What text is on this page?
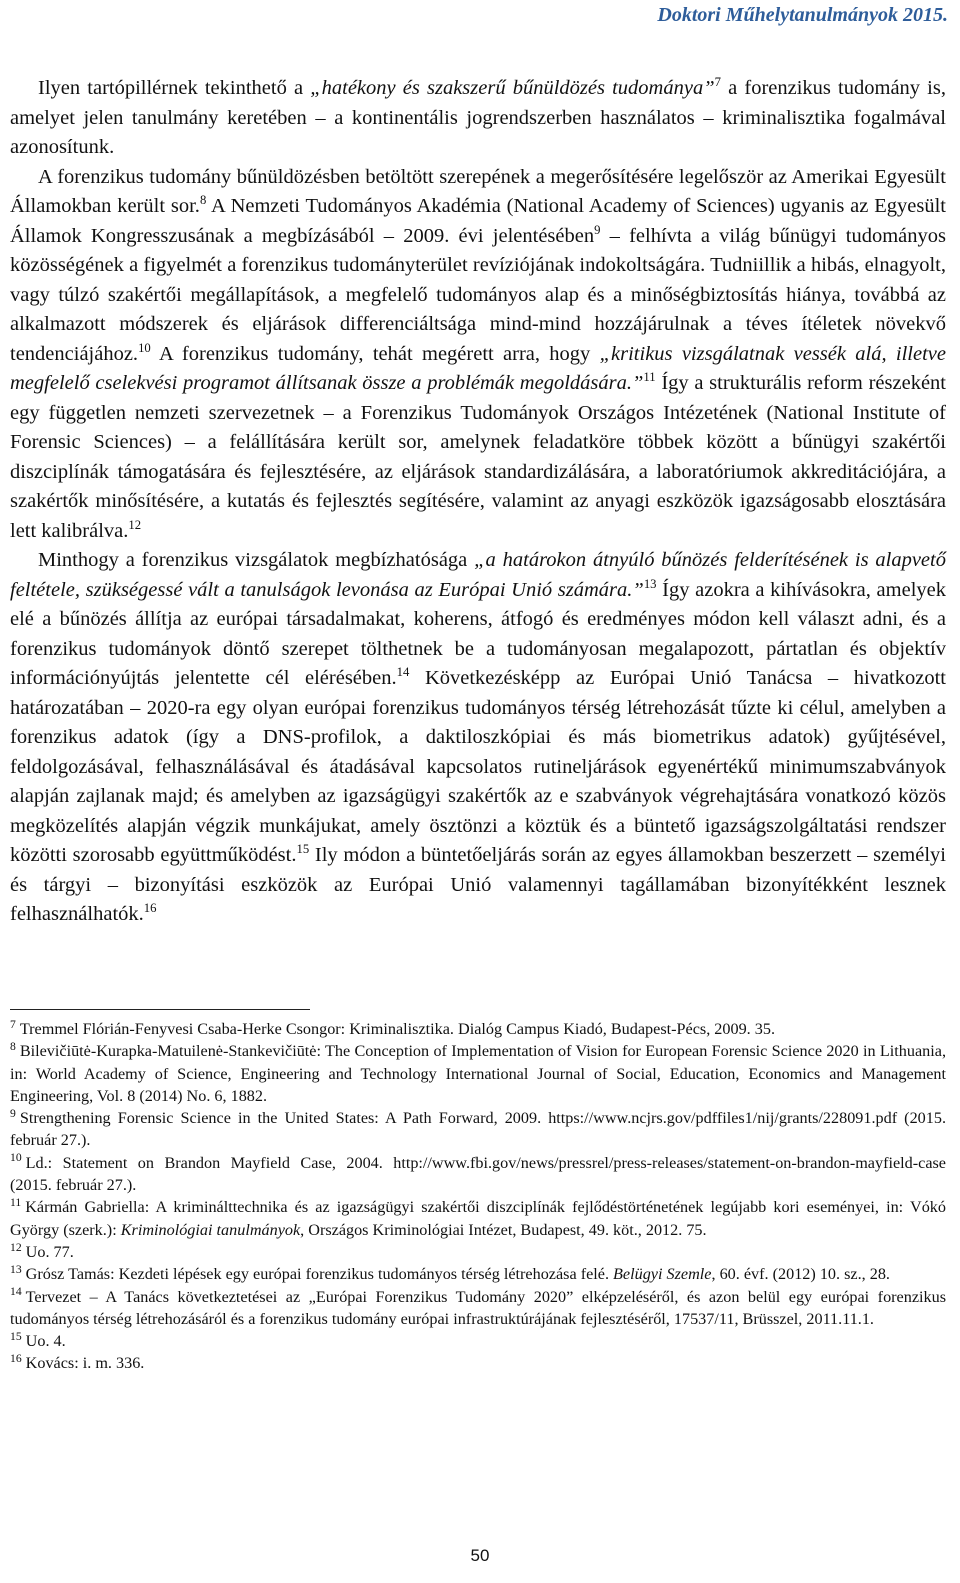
Doktori Műhelytanulmányok 2015.

Ilyen tartópillérnek tekinthető a „hatékony és szakszerű bűnüldözés tudománya”$^7$ a forenzikus tudomány is, amelyet jelen tanulmány keretében – a kontinentális jogrendszerben használatos – kriminalisztika fogalmával azonosítunk.

A forenzikus tudomány bűnüldözésben betöltött szerepének a megerősítésére legelőször az Amerikai Egyesült Államokban került sor.$^8$ A Nemzeti Tudományos Akadémia (National Academy of Sciences) ugyanis az Egyesült Államok Kongresszusának a megbízásából – 2009. évi jelentésében$^9$ – felhívta a világ bűnügyi tudományos közösségének a figyelmét a forenzikus tudományterület revíziójának indokoltságára. Tudniillik a hibás, elnagyolt, vagy túlzó szakértői megállapítások, a megfelelő tudományos alap és a minőségbiztosítás hiánya, továbbá az alkalmazott módszerek és eljárások differenciáltsága mind-mind hozzájárulnak a téves ítéletek növekvő tendenciájához.$^{10}$ A forenzikus tudomány, tehát megérett arra, hogy „kritikus vizsgálatnak vessék alá, illetve megfelelő cselekvési programot állítsanak össze a problémák megoldására.”$^{11}$ Így a strukturális reform részeként egy független nemzeti szervezetnek – a Forenzikus Tudományok Országos Intézetének (National Institute of Forensic Sciences) – a felállítására került sor, amelynek feladatköre többek között a bűnügyi szakértői diszciplínák támogatására és fejlesztésére, az eljárások standardizálására, a laboratóriumok akkreditációjára, a szakértők minősítésére, a kutatás és fejlesztés segítésére, valamint az anyagi eszközök igazságosabb elosztására lett kalibrálva.$^{12}$

Minthogy a forenzikus vizsgálatok megbízhatósága „a határokon átnyúló bűnözés felderítésének is alapvető feltétele, szükségessé vált a tanulságok levonása az Európai Unió számára.”$^{13}$ Így azokra a kihívásokra, amelyek elé a bűnözés állítja az európai társadalmakat, koherens, átfogó és eredményes módon kell választ adni, és a forenzikus tudományok döntő szerepet tölthetnek be a tudományosan megalapozott, pártatlan és objektív információnyújtás jelentette cél elérésében.$^{14}$ Következésképp az Európai Unió Tanácsa – hivatkozott határozatában – 2020-ra egy olyan európai forenzikus tudományos térség létrehozását tűzte ki célul, amelyben a forenzikus adatok (így a DNS-profilok, a daktiloszkópiai és más biometrikus adatok) gyűjtésével, feldolgozásával, felhasználásával és átadásával kapcsolatos rutineljárások egyenértékű minimumszabványok alapján zajlanak majd; és amelyben az igazságügyi szakértők az e szabványok végrehajtására vonatkozó közös megközelítés alapján végzik munkájukat, amely ösztönzi a köztük és a büntető igazságszolgáltatási rendszer közötti szorosabb együttműködést.$^{15}$ Ily módon a büntetőeljárás során az egyes államokban beszerzett – személyi és tárgyi – bizonyítási eszközök az Európai Unió valamennyi tagállamában bizonyítékként lesznek felhasználhatók.$^{16}$

$^7$ Tremmel Flórián-Fenyvesi Csaba-Herke Csongor: Kriminalisztika. Dialóg Campus Kiadó, Budapest-Pécs, 2009. 35.

$^8$ Bilevičiūtė-Kurapka-Matuilenė-Stankevičiūtė: The Conception of Implementation of Vision for European Forensic Science 2020 in Lithuania, in: World Academy of Science, Engineering and Technology International Journal of Social, Education, Economics and Management Engineering, Vol. 8 (2014) No. 6, 1882.

$^9$ Strengthening Forensic Science in the United States: A Path Forward, 2009. https://www.ncjrs.gov/pdffiles1/nij/grants/228091.pdf (2015. február 27.).

$^{10}$ Ld.: Statement on Brandon Mayfield Case, 2004. http://www.fbi.gov/news/pressrel/press-releases/statement-on-brandon-mayfield-case (2015. február 27.).

$^{11}$ Kármán Gabriella: A kriminálttechnika és az igazságügyi szakértői diszciplínák fejlődéstörténetének legújabb kori eseményei, in: Vókó György (szerk.): Kriminológiai tanulmányok, Országos Kriminológiai Intézet, Budapest, 49. köt., 2012. 75.

$^{12}$ Uo. 77.

$^{13}$ Grósz Tamás: Kezdeti lépések egy európai forenzikus tudományos térség létrehozása felé. Belügyi Szemle, 60. évf. (2012) 10. sz., 28.

$^{14}$ Tervezet – A Tanács következtetései az „Európai Forenzikus Tudomány 2020” elképzeléséről, és azon belül egy európai forenzikus tudományos térség létrehozásáról és a forenzikus tudomány európai infrastruktúrájának fejlesztéséről, 17537/11, Brüsszel, 2011.11.1.

$^{15}$ Uo. 4.

$^{16}$ Kovács: i. m. 336.

50
